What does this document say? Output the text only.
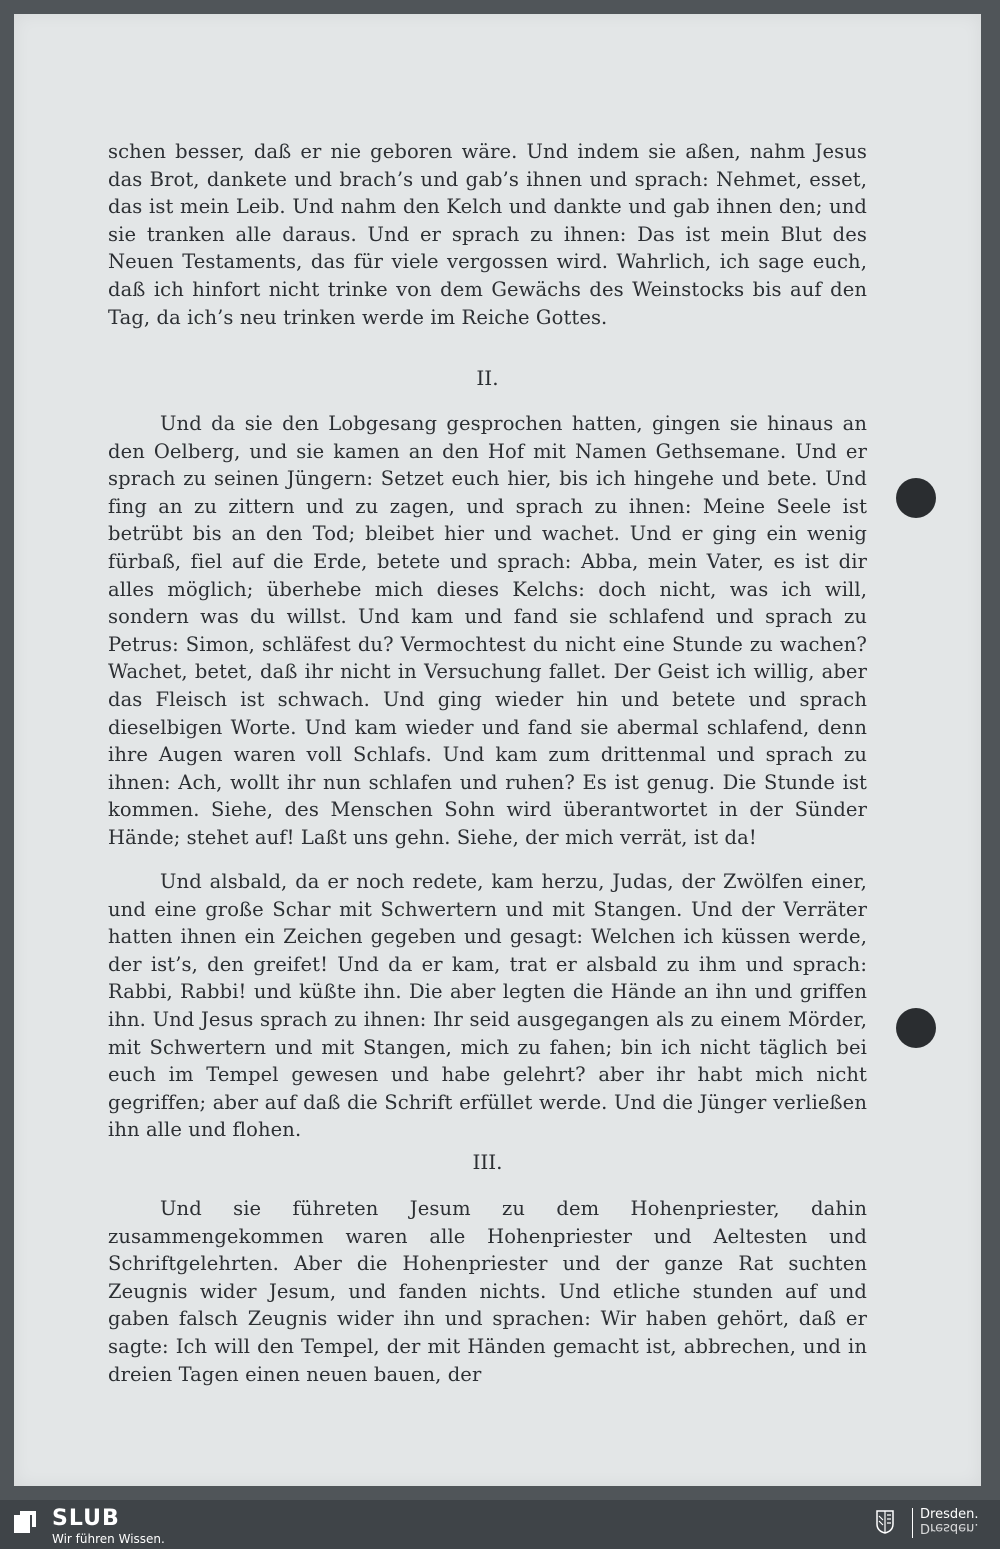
schen besser, daß er nie geboren wäre. Und indem sie aßen, nahm Jesus das Brot, dankete und brach’s und gab’s ihnen und sprach: Nehmet, esset, das ist mein Leib. Und nahm den Kelch und dankte und gab ihnen den; und sie tranken alle daraus. Und er sprach zu ihnen: Das ist mein Blut des Neuen Testaments, das für viele vergossen wird. Wahrlich, ich sage euch, daß ich hinfort nicht trinke von dem Gewächs des Weinstocks bis auf den Tag, da ich’s neu trinken werde im Reiche Gottes.

II.

Und da sie den Lobgesang gesprochen hatten, gingen sie hinaus an den Oelberg, und sie kamen an den Hof mit Namen Gethsemane. Und er sprach zu seinen Jüngern: Setzet euch hier, bis ich hingehe und bete. Und fing an zu zittern und zu zagen, und sprach zu ihnen: Meine Seele ist betrübt bis an den Tod; bleibet hier und wachet. Und er ging ein wenig fürbaß, fiel auf die Erde, betete und sprach: Abba, mein Vater, es ist dir alles möglich; überhebe mich dieses Kelchs: doch nicht, was ich will, sondern was du willst. Und kam und fand sie schlafend und sprach zu Petrus: Simon, schläfest du? Vermochtest du nicht eine Stunde zu wachen? Wachet, betet, daß ihr nicht in Versuchung fallet. Der Geist ich willig, aber das Fleisch ist schwach. Und ging wieder hin und betete und sprach dieselbigen Worte. Und kam wieder und fand sie abermal schlafend, denn ihre Augen waren voll Schlafs. Und kam zum drittenmal und sprach zu ihnen: Ach, wollt ihr nun schlafen und ruhen? Es ist genug. Die Stunde ist kommen. Siehe, des Menschen Sohn wird überantwortet in der Sünder Hände; stehet auf! Laßt uns gehn. Siehe, der mich verrät, ist da!

Und alsbald, da er noch redete, kam herzu, Judas, der Zwölfen einer, und eine große Schar mit Schwertern und mit Stangen. Und der Verräter hatten ihnen ein Zeichen gegeben und gesagt: Welchen ich küssen werde, der ist’s, den greifet! Und da er kam, trat er alsbald zu ihm und sprach: Rabbi, Rabbi! und küßte ihn. Die aber legten die Hände an ihn und griffen ihn. Und Jesus sprach zu ihnen: Ihr seid ausgegangen als zu einem Mörder, mit Schwertern und mit Stangen, mich zu fahen; bin ich nicht täglich bei euch im Tempel gewesen und habe gelehrt? aber ihr habt mich nicht gegriffen; aber auf daß die Schrift erfüllet werde. Und die Jünger verließen ihn alle und flohen.

III.

Und sie führeten Jesum zu dem Hohenpriester, dahin zusammengekommen waren alle Hohenpriester und Aeltesten und Schriftgelehrten. Aber die Hohenpriester und der ganze Rat suchten Zeugnis wider Jesum, und fanden nichts. Und etliche stunden auf und gaben falsch Zeugnis wider ihn und sprachen: Wir haben gehört, daß er sagte: Ich will den Tempel, der mit Händen gemacht ist, abbrechen, und in dreien Tagen einen neuen bauen, der

SLUB
Wir führen Wissen.
Dresden.
Dresden.
